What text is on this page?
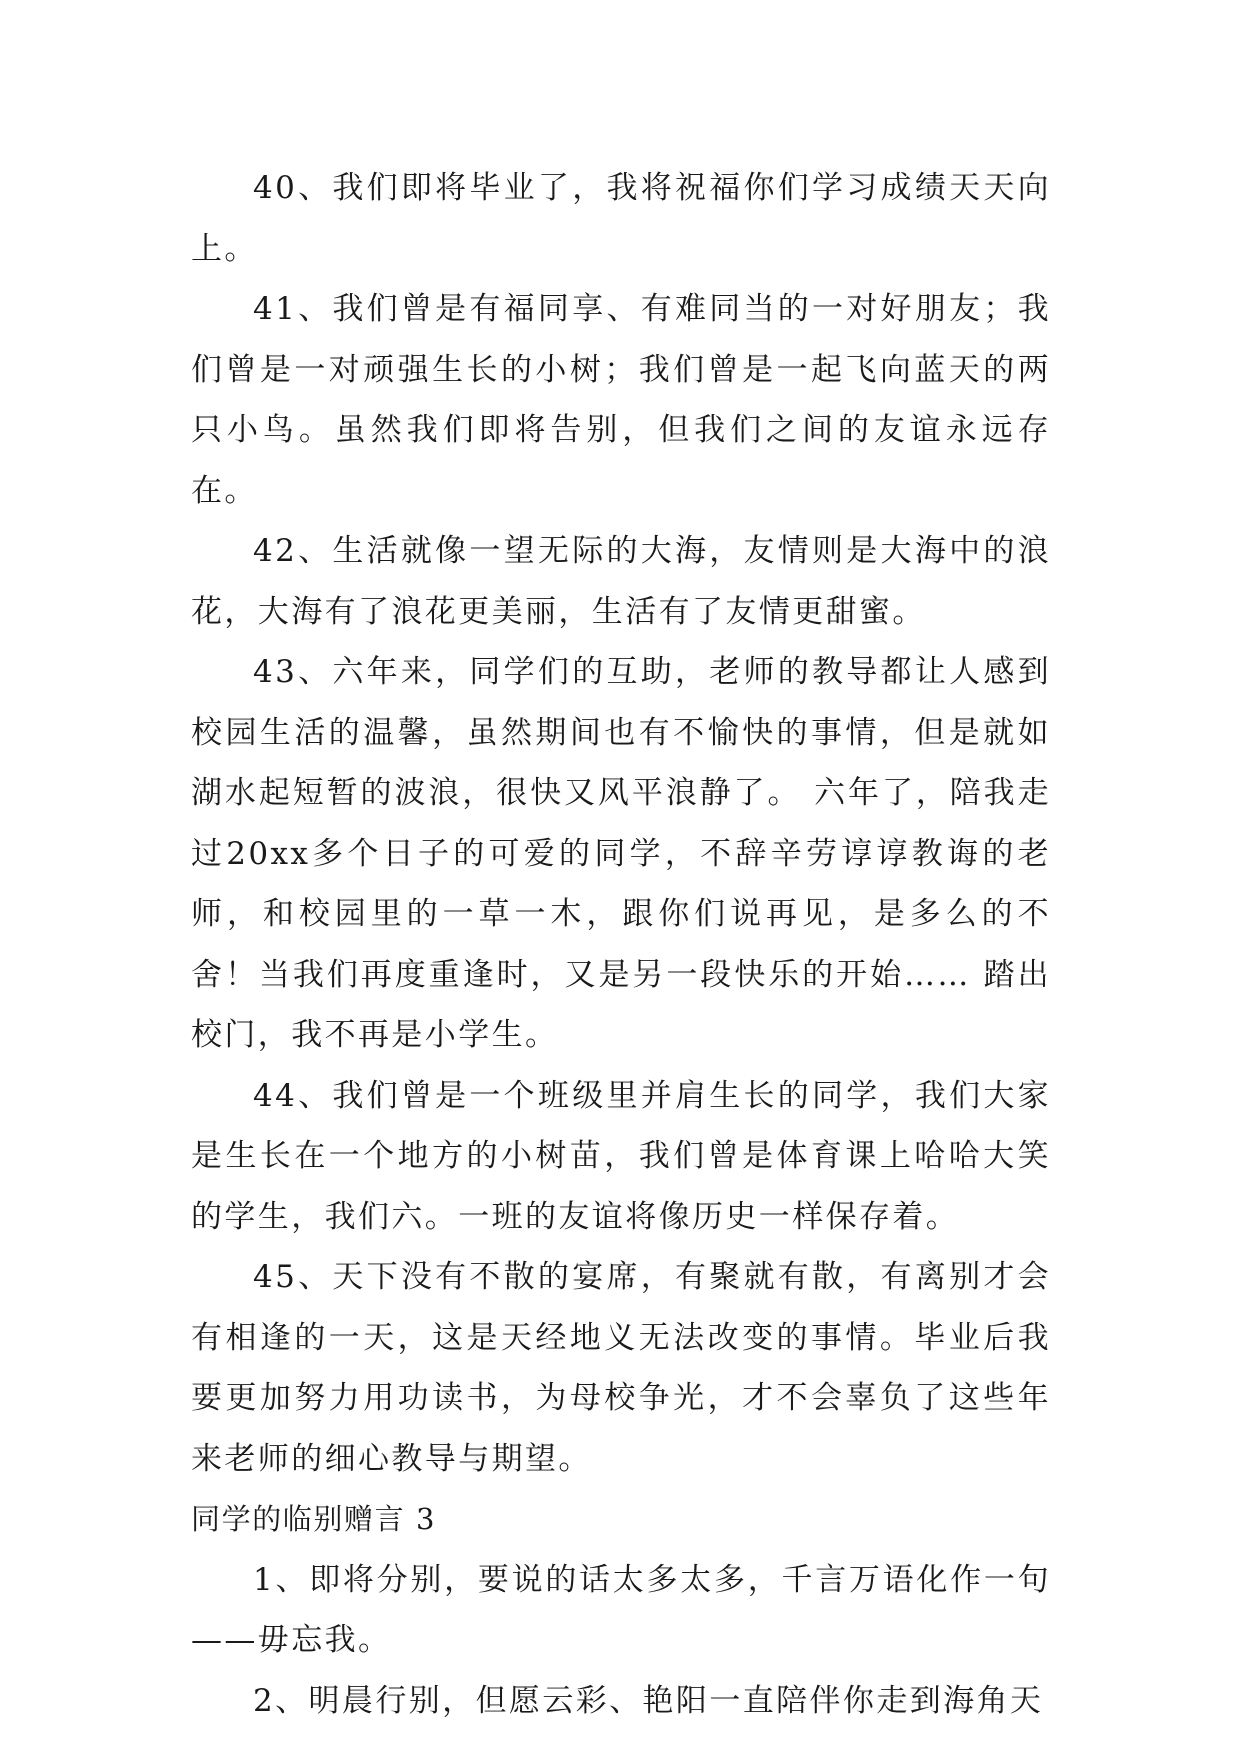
40、我们即将毕业了，我将祝福你们学习成绩天天向上。

41、我们曾是有福同享、有难同当的一对好朋友；我们曾是一对顽强生长的小树；我们曾是一起飞向蓝天的两只小鸟。虽然我们即将告别，但我们之间的友谊永远存在。

42、生活就像一望无际的大海，友情则是大海中的浪花，大海有了浪花更美丽，生活有了友情更甜蜜。

43、六年来，同学们的互助，老师的教导都让人感到校园生活的温馨，虽然期间也有不愉快的事情，但是就如湖水起短暂的波浪，很快又风平浪静了。 六年了，陪我走过20xx多个日子的可爱的同学，不辞辛劳谆谆教诲的老师，和校园里的一草一木，跟你们说再见，是多么的不舍！当我们再度重逢时，又是另一段快乐的开始…… 踏出校门，我不再是小学生。

44、我们曾是一个班级里并肩生长的同学，我们大家是生长在一个地方的小树苗，我们曾是体育课上哈哈大笑的学生，我们六。一班的友谊将像历史一样保存着。

45、天下没有不散的宴席，有聚就有散，有离别才会有相逢的一天，这是天经地义无法改变的事情。毕业后我要更加努力用功读书，为母校争光，才不会辜负了这些年来老师的细心教导与期望。

同学的临别赠言 3

1、即将分别，要说的话太多太多，千言万语化作一句——毋忘我。

2、明晨行别，但愿云彩、艳阳一直陪伴你走到海角天
